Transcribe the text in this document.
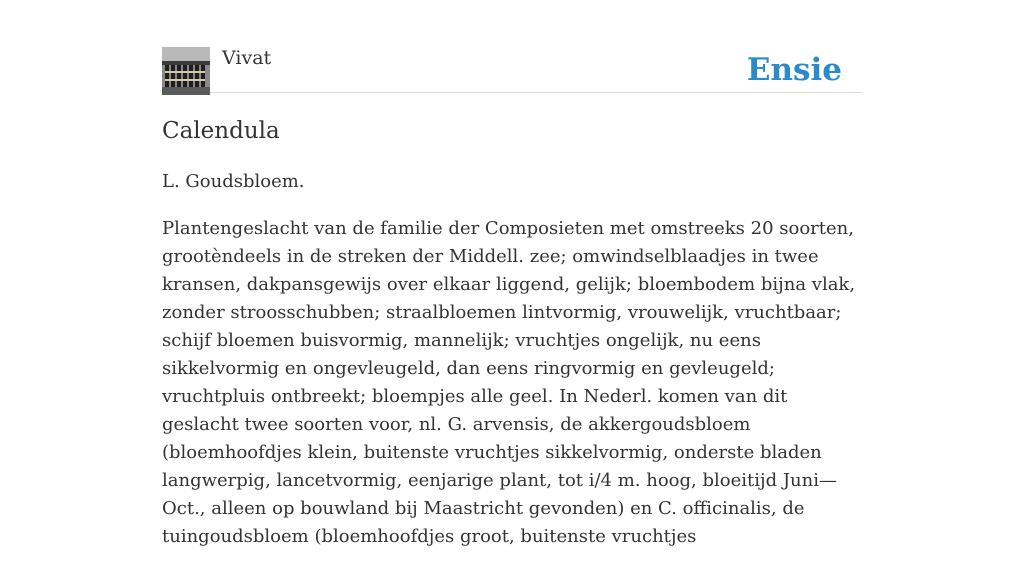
Vivat	Ensie
Calendula

L. Goudsbloem.

Plantengeslacht van de familie der Composieten met omstreeks 20 soorten, grootèndeels in de streken der Middell. zee; omwindselblaadjes in twee kransen, dakpansgewijs over elkaar liggend, gelijk; bloembodem bijna vlak, zonder stroosschubben; straalbloemen lintvormig, vrouwelijk, vruchtbaar; schijf bloemen buisvormig, mannelijk; vruchtjes ongelijk, nu eens sikkelvormig en ongevleugeld, dan eens ringvormig en gevleugeld; vruchtpluis ontbreekt; bloempjes alle geel. In Nederl. komen van dit geslacht twee soorten voor, nl. G. arvensis, de akkergoudsbloem (bloemhoofdjes klein, buitenste vruchtjes sikkelvormig, onderste bladen langwerpig, lancetvormig, eenjarige plant, tot i/4 m. hoog, bloeitijd Juni—Oct., alleen op bouwland bij Maastricht gevonden) en C. officinalis, de tuingoudsbloem (bloemhoofdjes groot, buitenste vruchtjes
